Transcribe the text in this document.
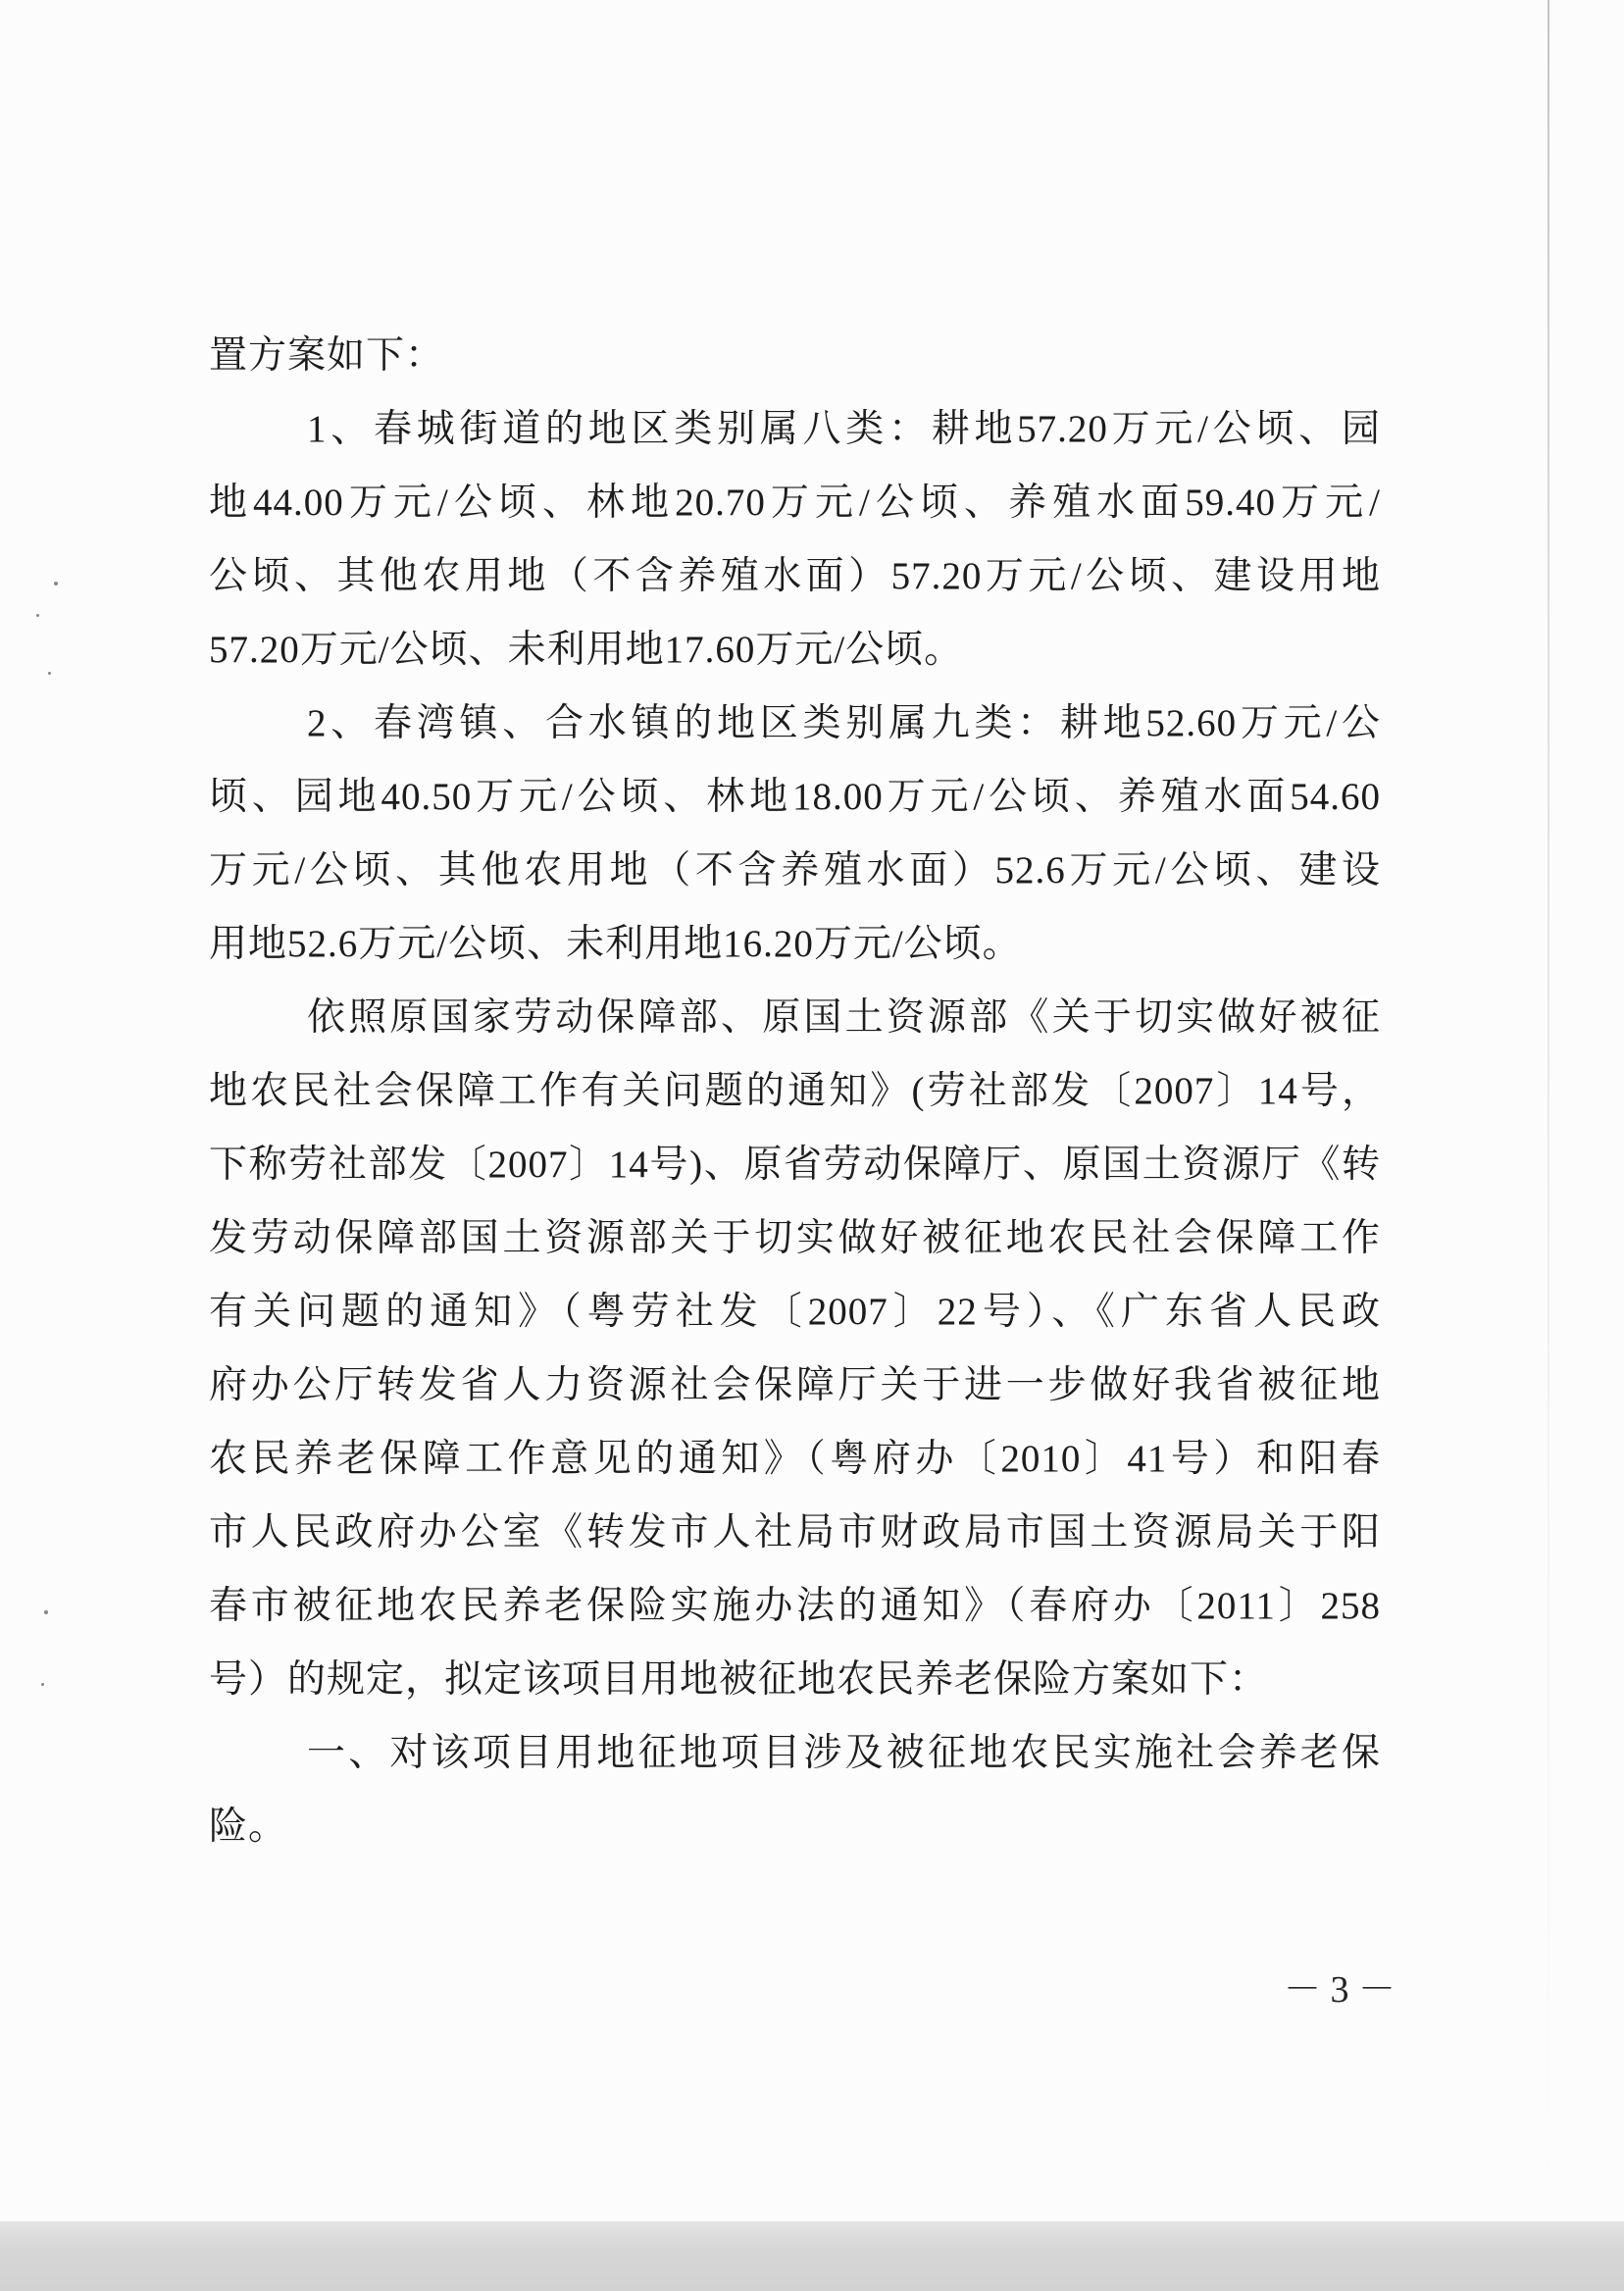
置方案如下：
1、春城街道的地区类别属八类：耕地57.20万元/公顷、园
地44.00万元/公顷、林地20.70万元/公顷、养殖水面59.40万元/
公顷、其他农用地（不含养殖水面）57.20万元/公顷、建设用地
57.20万元/公顷、未利用地17.60万元/公顷。
2、春湾镇、合水镇的地区类别属九类：耕地52.60万元/公
顷、园地40.50万元/公顷、林地18.00万元/公顷、养殖水面54.60
万元/公顷、其他农用地（不含养殖水面）52.6万元/公顷、建设
用地52.6万元/公顷、未利用地16.20万元/公顷。
依照原国家劳动保障部、原国土资源部《关于切实做好被征
地农民社会保障工作有关问题的通知》(劳社部发〔2007〕14号，
下称劳社部发〔2007〕14号)、原省劳动保障厅、原国土资源厅《转
发劳动保障部国土资源部关于切实做好被征地农民社会保障工作
有关问题的通知》（粤劳社发〔2007〕22号）、《广东省人民政
府办公厅转发省人力资源社会保障厅关于进一步做好我省被征地
农民养老保障工作意见的通知》（粤府办〔2010〕41号）和阳春
市人民政府办公室《转发市人社局市财政局市国土资源局关于阳
春市被征地农民养老保险实施办法的通知》（春府办〔2011〕258
号）的规定，拟定该项目用地被征地农民养老保险方案如下：
一、对该项目用地征地项目涉及被征地农民实施社会养老保
险。
－ 3 －
